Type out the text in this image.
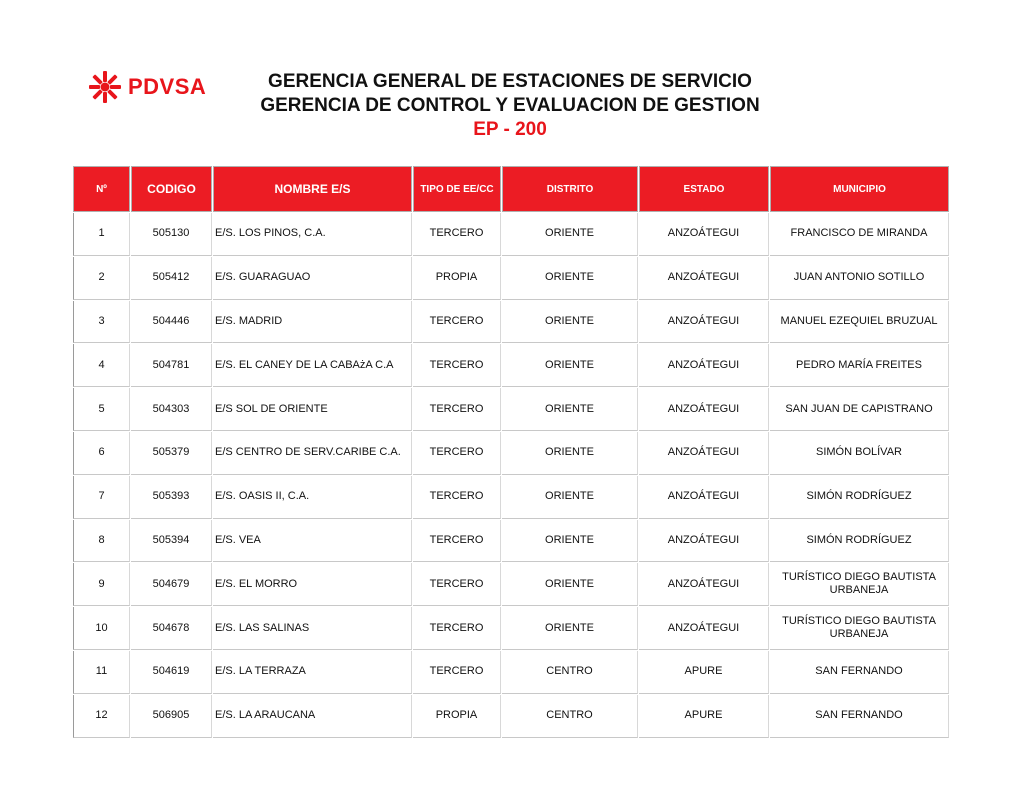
PDVSA	GERENCIA GENERAL DE ESTACIONES DE SERVICIO
GERENCIA DE CONTROL Y EVALUACION DE GESTION
EP - 200
Nº	CODIGO	NOMBRE E/S	TIPO DE EE/CC	DISTRITO	ESTADO	MUNICIPIO
1	505130	E/S. LOS PINOS, C.A.	TERCERO	ORIENTE	ANZOÁTEGUI	FRANCISCO DE MIRANDA
2	505412	E/S. GUARAGUAO	PROPIA	ORIENTE	ANZOÁTEGUI	JUAN ANTONIO SOTILLO
3	504446	E/S. MADRID	TERCERO	ORIENTE	ANZOÁTEGUI	MANUEL EZEQUIEL BRUZUAL
4	504781	E/S. EL CANEY DE LA CABAżA C.A	TERCERO	ORIENTE	ANZOÁTEGUI	PEDRO MARÍA FREITES
5	504303	E/S SOL DE ORIENTE	TERCERO	ORIENTE	ANZOÁTEGUI	SAN JUAN DE CAPISTRANO
6	505379	E/S CENTRO DE SERV.CARIBE C.A.	TERCERO	ORIENTE	ANZOÁTEGUI	SIMÓN BOLÍVAR
7	505393	E/S. OASIS II, C.A.	TERCERO	ORIENTE	ANZOÁTEGUI	SIMÓN RODRÍGUEZ
8	505394	E/S. VEA	TERCERO	ORIENTE	ANZOÁTEGUI	SIMÓN RODRÍGUEZ
9	504679	E/S. EL MORRO	TERCERO	ORIENTE	ANZOÁTEGUI	TURÍSTICO DIEGO BAUTISTA URBANEJA
10	504678	E/S. LAS SALINAS	TERCERO	ORIENTE	ANZOÁTEGUI	TURÍSTICO DIEGO BAUTISTA URBANEJA
11	504619	E/S. LA TERRAZA	TERCERO	CENTRO	APURE	SAN FERNANDO
12	506905	E/S. LA ARAUCANA	PROPIA	CENTRO	APURE	SAN FERNANDO
